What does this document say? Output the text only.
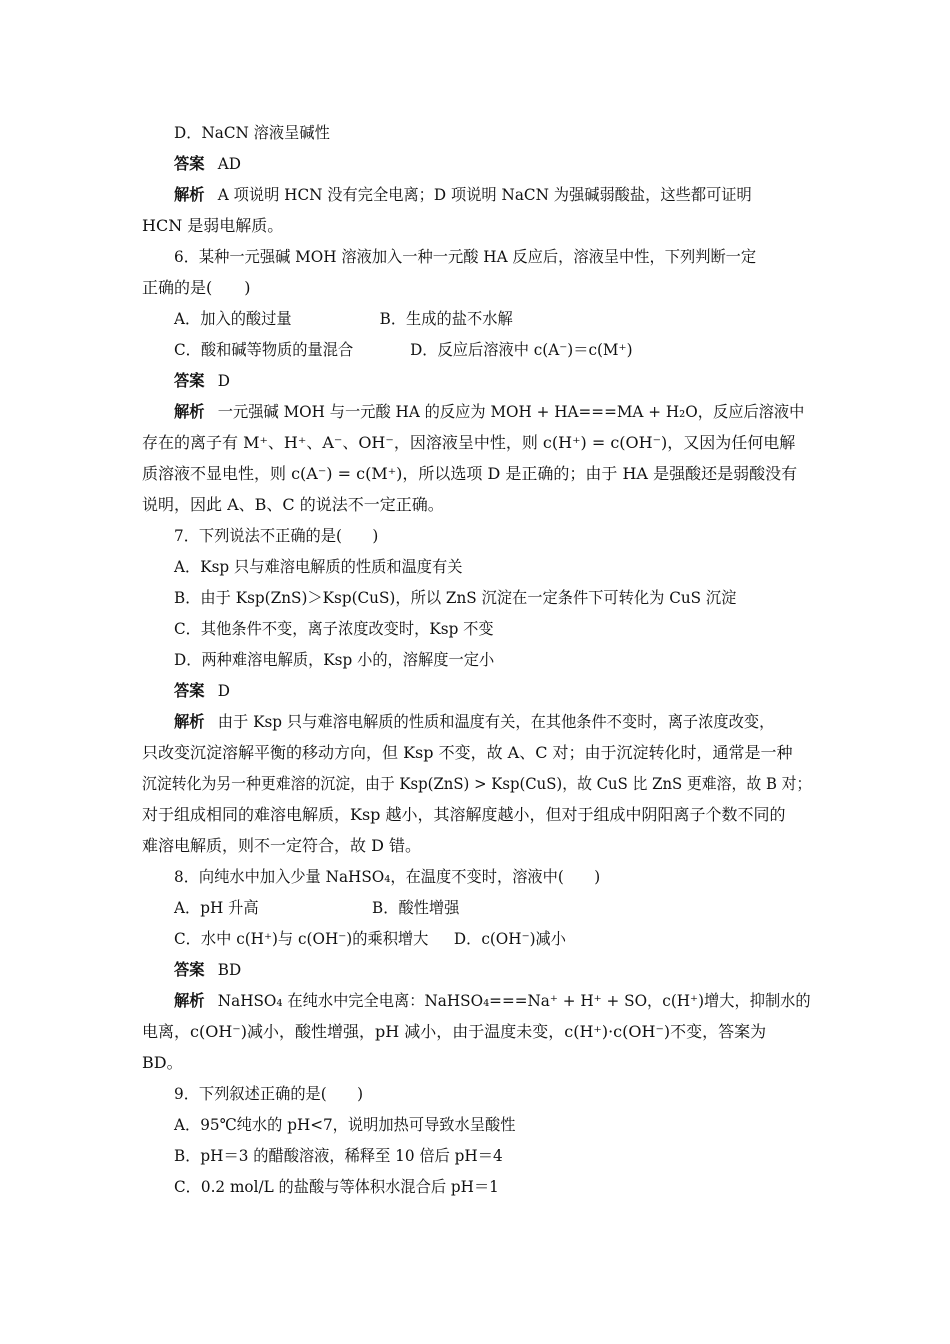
D．NaCN 溶液呈碱性
答案 AD
解析 A 项说明 HCN 没有完全电离；D 项说明 NaCN 为强碱弱酸盐，这些都可证明
HCN 是弱电解质。
6．某种一元强碱 MOH 溶液加入一种一元酸 HA 反应后，溶液呈中性，下列判断一定
正确的是(　　)
A．加入的酸过量	B．生成的盐不水解
C．酸和碱等物质的量混合	D．反应后溶液中 c(A⁻)＝c(M⁺)
答案 D
解析 一元强碱 MOH 与一元酸 HA 的反应为 MOH + HA===MA + H₂O，反应后溶液中
存在的离子有 M⁺、H⁺、A⁻、OH⁻，因溶液呈中性，则 c(H⁺) = c(OH⁻)，又因为任何电解
质溶液不显电性，则 c(A⁻) = c(M⁺)，所以选项 D 是正确的；由于 HA 是强酸还是弱酸没有
说明，因此 A、B、C 的说法不一定正确。
7．下列说法不正确的是(　　)
A．Ksp 只与难溶电解质的性质和温度有关
B．由于 Ksp(ZnS)＞Ksp(CuS)，所以 ZnS 沉淀在一定条件下可转化为 CuS 沉淀
C．其他条件不变，离子浓度改变时，Ksp 不变
D．两种难溶电解质，Ksp 小的，溶解度一定小
答案 D
解析 由于 Ksp 只与难溶电解质的性质和温度有关，在其他条件不变时，离子浓度改变，
只改变沉淀溶解平衡的移动方向，但 Ksp 不变，故 A、C 对；由于沉淀转化时，通常是一种
沉淀转化为另一种更难溶的沉淀，由于 Ksp(ZnS) > Ksp(CuS)，故 CuS 比 ZnS 更难溶，故 B 对；
对于组成相同的难溶电解质，Ksp 越小，其溶解度越小，但对于组成中阴阳离子个数不同的
难溶电解质，则不一定符合，故 D 错。
8．向纯水中加入少量 NaHSO₄，在温度不变时，溶液中(　　)
A．pH 升高	B．酸性增强
C．水中 c(H⁺)与 c(OH⁻)的乘积增大 D．c(OH⁻)减小
答案 BD
解析 NaHSO₄ 在纯水中完全电离：NaHSO₄===Na⁺ + H⁺ + SO，c(H⁺)增大，抑制水的
电离，c(OH⁻)减小，酸性增强，pH 减小，由于温度未变，c(H⁺)·c(OH⁻)不变，答案为
BD。
9．下列叙述正确的是(　　)
A．95℃纯水的 pH<7，说明加热可导致水呈酸性
B．pH＝3 的醋酸溶液，稀释至 10 倍后 pH＝4
C．0.2 mol/L 的盐酸与等体积水混合后 pH＝1
